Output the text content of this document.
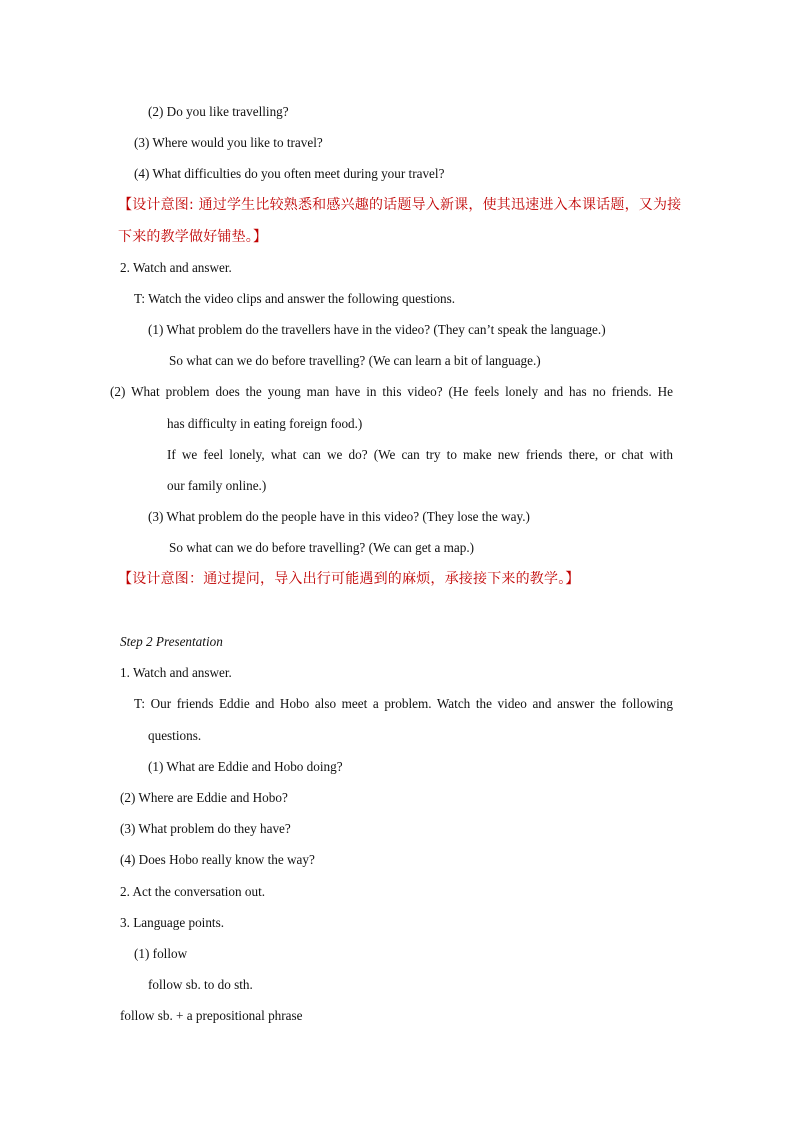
(2) Do you like travelling?
(3) Where would you like to travel?
(4) What difficulties do you often meet during your travel?
【设计意图: 通过学生比较熟悉和感兴趣的话题导入新课，使其迅速进入本课话题，又为接
下来的教学做好铺垫。】
2. Watch and answer.
T: Watch the video clips and answer the following questions.
(1) What problem do the travellers have in the video? (They can’t speak the language.)
So what can we do before travelling? (We can learn a bit of language.)
(2) What problem does the young man have in this video? (He feels lonely and has no friends. He
has difficulty in eating foreign food.)
If we feel lonely, what can we do? (We can try to make new friends there, or chat with
our family online.)
(3) What problem do the people have in this video? (They lose the way.)
So what can we do before travelling? (We can get a map.)
【设计意图：通过提问，导入出行可能遇到的麻烦，承接接下来的教学。】
Step 2 Presentation
1. Watch and answer.
T: Our friends Eddie and Hobo also meet a problem. Watch the video and answer the following
questions.
(1) What are Eddie and Hobo doing?
(2) Where are Eddie and Hobo?
(3) What problem do they have?
(4) Does Hobo really know the way?
2. Act the conversation out.
3. Language points.
(1) follow
follow sb. to do sth.
follow sb. + a prepositional phrase
